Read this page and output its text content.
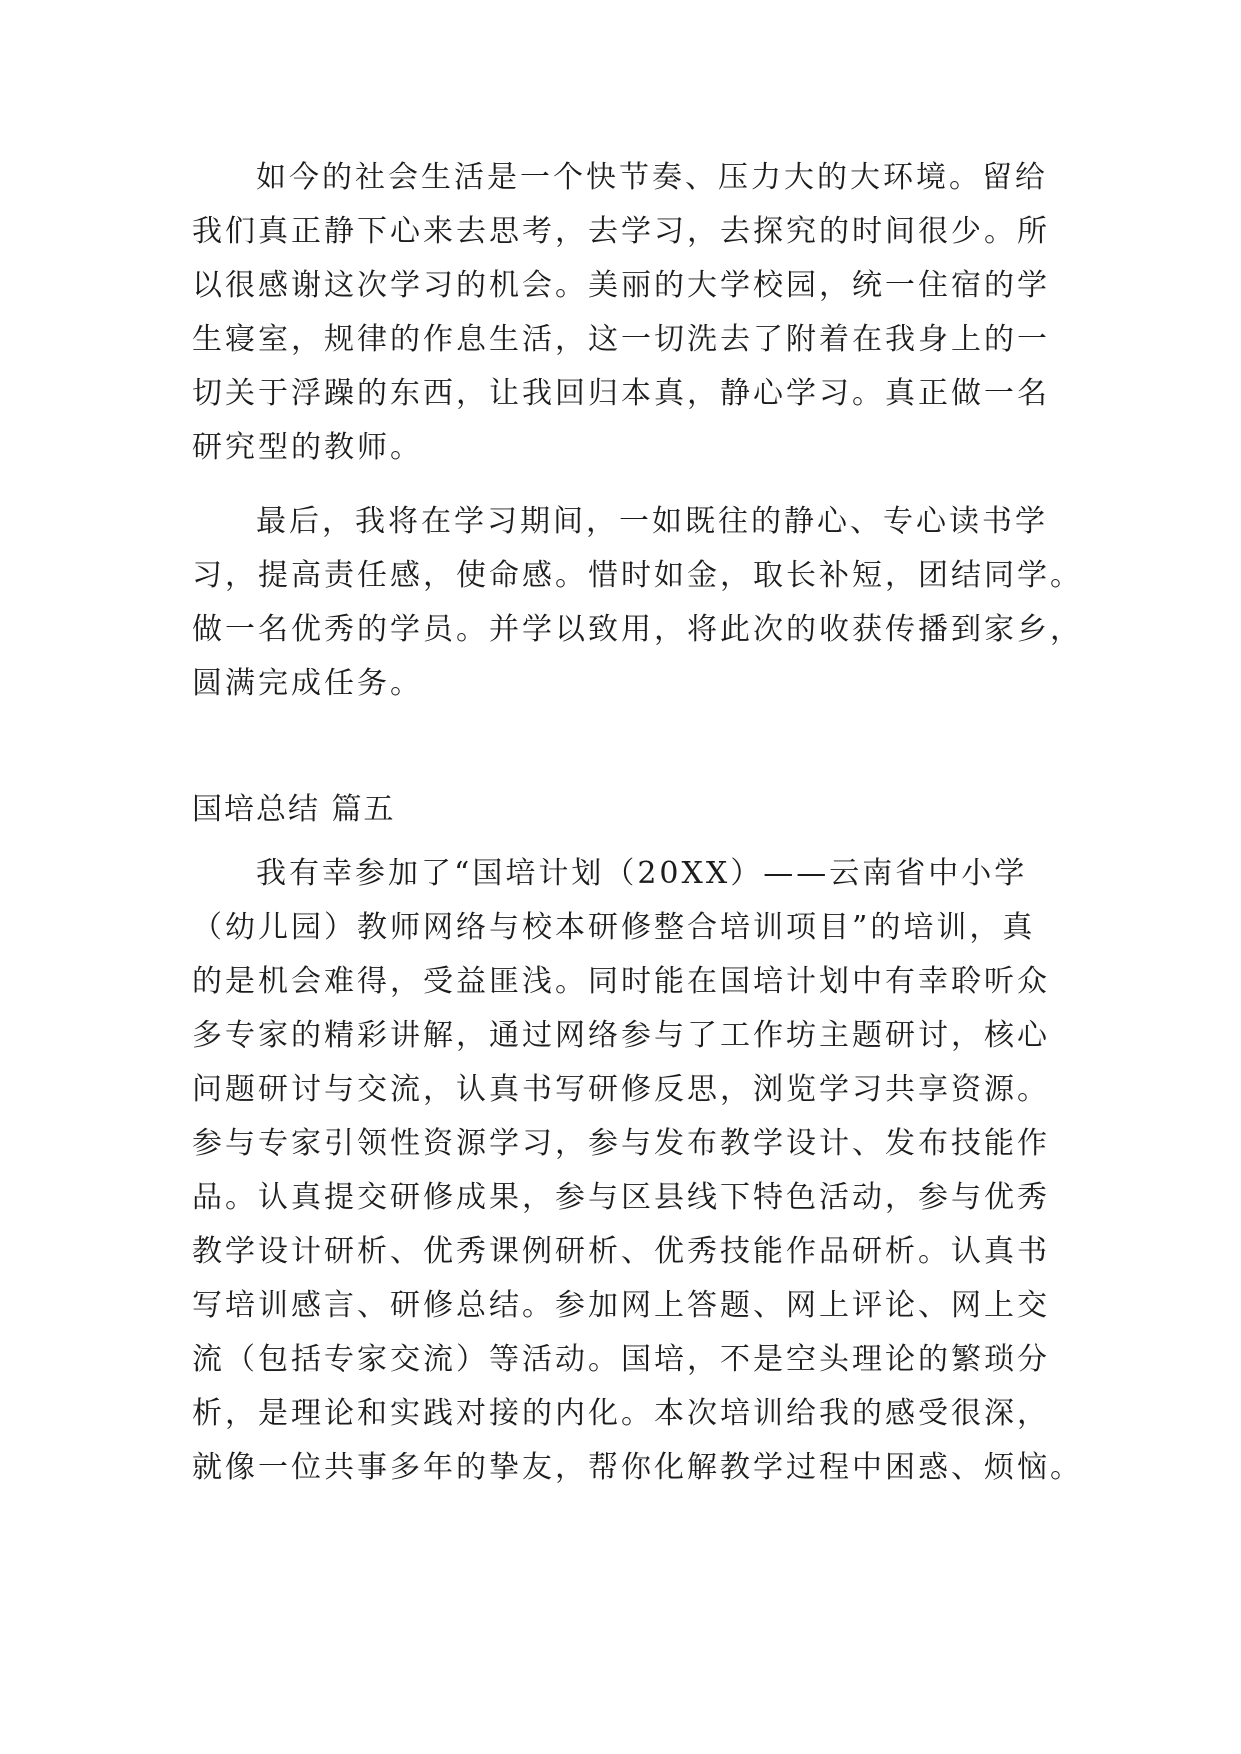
如今的社会生活是一个快节奏、压力大的大环境。留给

我们真正静下心来去思考，去学习，去探究的时间很少。所

以很感谢这次学习的机会。美丽的大学校园，统一住宿的学

生寝室，规律的作息生活，这一切洗去了附着在我身上的一

切关于浮躁的东西，让我回归本真，静心学习。真正做一名

研究型的教师。

最后，我将在学习期间，一如既往的静心、专心读书学

习，提高责任感，使命感。惜时如金，取长补短，团结同学。

做一名优秀的学员。并学以致用，将此次的收获传播到家乡，

圆满完成任务。

国培总结 篇五

我有幸参加了“国培计划（20XX）——云南省中小学

（幼儿园）教师网络与校本研修整合培训项目”的培训，真

的是机会难得，受益匪浅。同时能在国培计划中有幸聆听众

多专家的精彩讲解，通过网络参与了工作坊主题研讨，核心

问题研讨与交流，认真书写研修反思，浏览学习共享资源。

参与专家引领性资源学习，参与发布教学设计、发布技能作

品。认真提交研修成果，参与区县线下特色活动，参与优秀

教学设计研析、优秀课例研析、优秀技能作品研析。认真书

写培训感言、研修总结。参加网上答题、网上评论、网上交

流（包括专家交流）等活动。国培，不是空头理论的繁琐分

析，是理论和实践对接的内化。本次培训给我的感受很深，

就像一位共事多年的挚友，帮你化解教学过程中困惑、烦恼。
